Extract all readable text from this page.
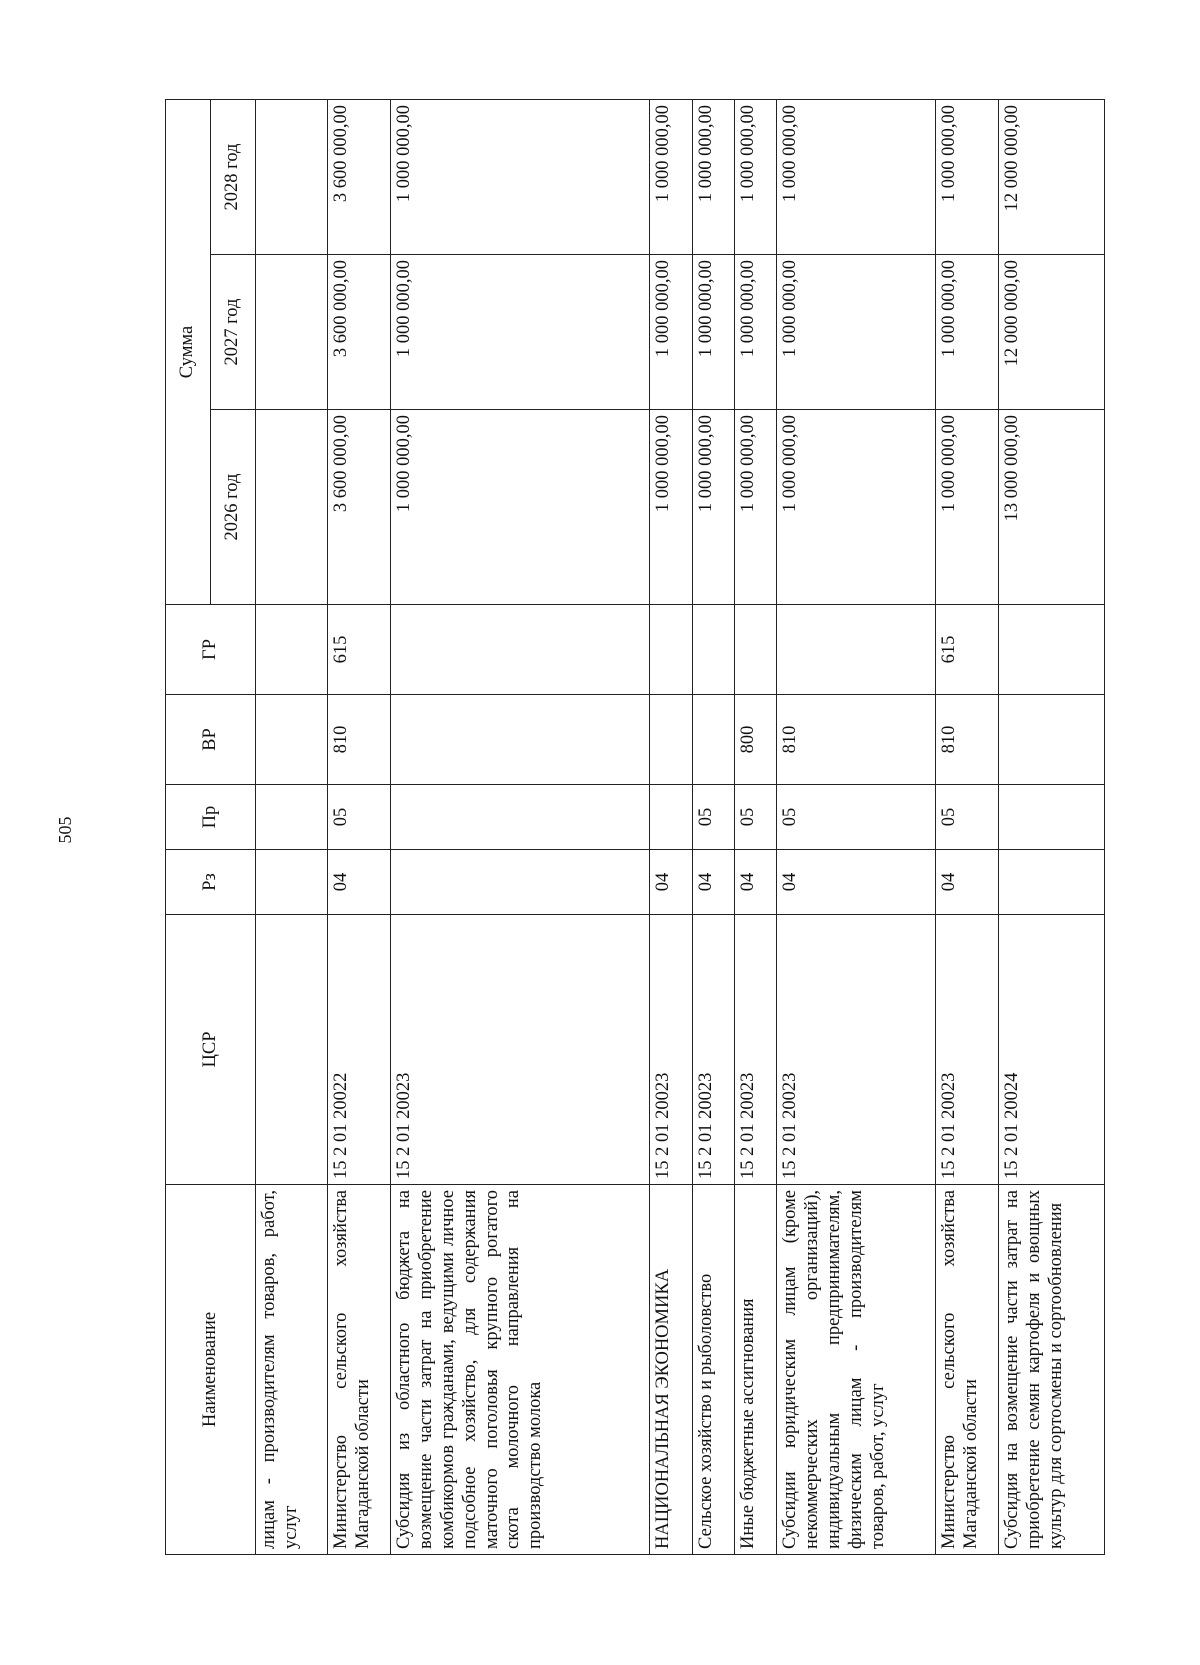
505
Наименование	ЦСР	Рз	Пр	ВР	ГР	Сумма		
						2026 год	2027 год	2028 год
лицам - производителям товаров, работ, услуг								
Министерство сельского хозяйства Магаданской области	15 2 01 20022	04	05	810	615	3 600 000,00	3 600 000,00	3 600 000,00
Субсидия из областного бюджета на возмещение части затрат на приобретение комбикормов гражданами, ведущими личное подсобное хозяйство, для содержания маточного поголовья крупного рогатого скота молочного направления на производство молока	15 2 01 20023					1 000 000,00	1 000 000,00	1 000 000,00
НАЦИОНАЛЬНАЯ ЭКОНОМИКА	15 2 01 20023	04				1 000 000,00	1 000 000,00	1 000 000,00
Сельское хозяйство и рыболовство	15 2 01 20023	04	05			1 000 000,00	1 000 000,00	1 000 000,00
Иные бюджетные ассигнования	15 2 01 20023	04	05	800		1 000 000,00	1 000 000,00	1 000 000,00
Субсидии юридическим лицам (кроме некоммерческих организаций), индивидуальным предпринимателям, физическим лицам - производителям товаров, работ, услуг	15 2 01 20023	04	05	810		1 000 000,00	1 000 000,00	1 000 000,00
Министерство сельского хозяйства Магаданской области	15 2 01 20023	04	05	810	615	1 000 000,00	1 000 000,00	1 000 000,00
Субсидия на возмещение части затрат на приобретение семян картофеля и овощных культур для сортосмены и сортообновления	15 2 01 20024					13 000 000,00	12 000 000,00	12 000 000,00
